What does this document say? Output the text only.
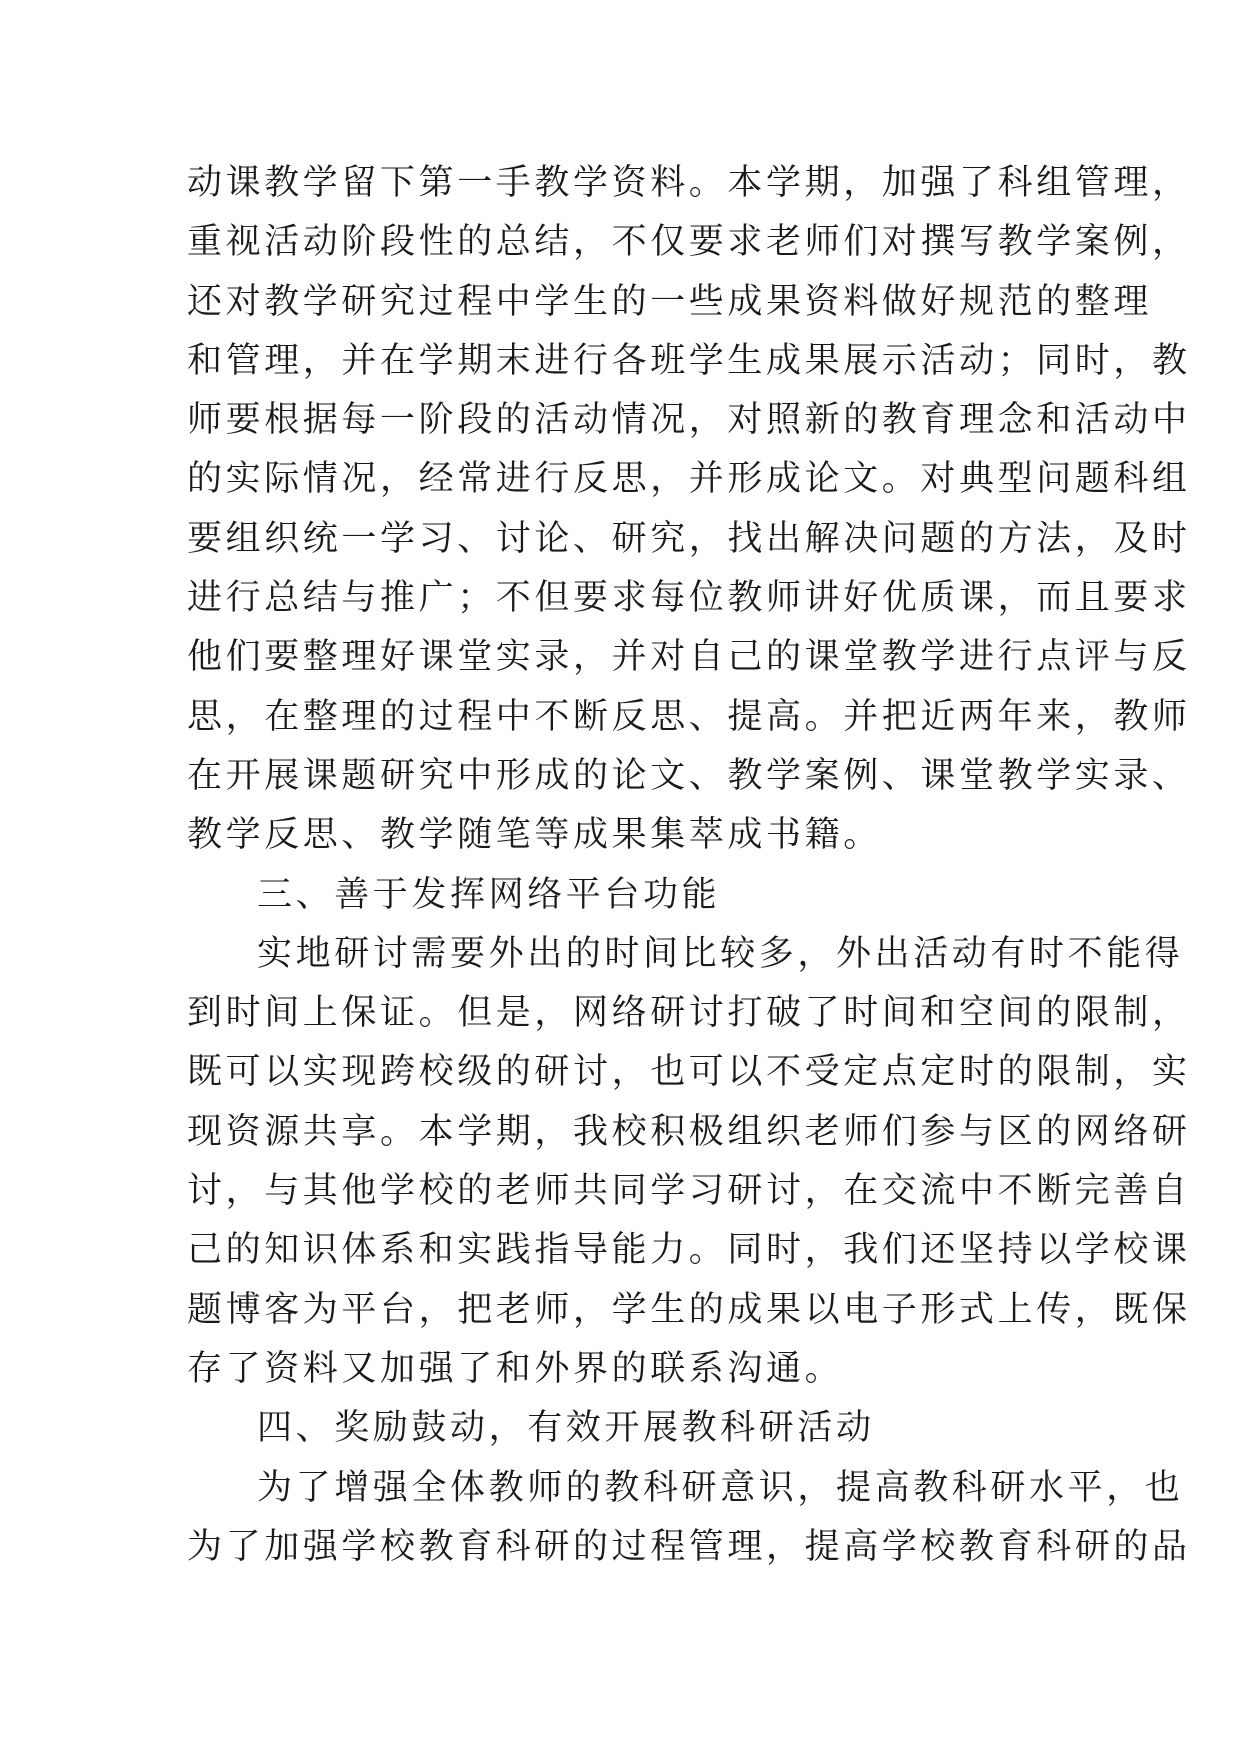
动课教学留下第一手教学资料。本学期，加强了科组管理，
重视活动阶段性的总结，不仅要求老师们对撰写教学案例，
还对教学研究过程中学生的一些成果资料做好规范的整理
和管理，并在学期末进行各班学生成果展示活动；同时，教
师要根据每一阶段的活动情况，对照新的教育理念和活动中
的实际情况，经常进行反思，并形成论文。对典型问题科组
要组织统一学习、讨论、研究，找出解决问题的方法，及时
进行总结与推广；不但要求每位教师讲好优质课，而且要求
他们要整理好课堂实录，并对自己的课堂教学进行点评与反
思，在整理的过程中不断反思、提高。并把近两年来，教师
在开展课题研究中形成的论文、教学案例、课堂教学实录、
教学反思、教学随笔等成果集萃成书籍。
三、善于发挥网络平台功能
实地研讨需要外出的时间比较多，外出活动有时不能得
到时间上保证。但是，网络研讨打破了时间和空间的限制，
既可以实现跨校级的研讨，也可以不受定点定时的限制，实
现资源共享。本学期，我校积极组织老师们参与区的网络研
讨，与其他学校的老师共同学习研讨，在交流中不断完善自
己的知识体系和实践指导能力。同时，我们还坚持以学校课
题博客为平台，把老师，学生的成果以电子形式上传，既保
存了资料又加强了和外界的联系沟通。
四、奖励鼓动，有效开展教科研活动
为了增强全体教师的教科研意识，提高教科研水平，也
为了加强学校教育科研的过程管理，提高学校教育科研的品
